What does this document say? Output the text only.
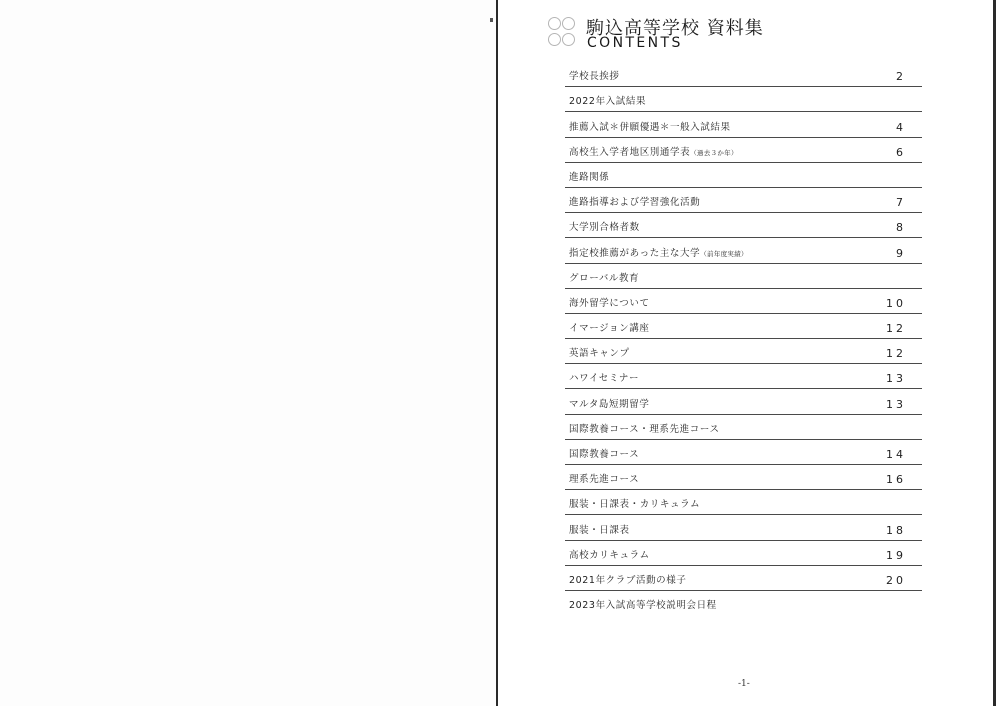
駒込高等学校 資料集
CONTENTS
学校長挨拶	2
2022年入試結果
推薦入試＊併願優遇＊一般入試結果	4
高校生入学者地区別通学表（過去３か年）	6
進路関係
進路指導および学習強化活動	7
大学別合格者数	8
指定校推薦があった主な大学（前年度実績）	9
グローバル教育
海外留学について	10
イマージョン講座	12
英語キャンプ	12
ハワイセミナー	13
マルタ島短期留学	13
国際教養コース・理系先進コース
国際教養コース	14
理系先進コース	16
服装・日課表・カリキュラム
服装・日課表	18
高校カリキュラム	19
2021年クラブ活動の様子	20
2023年入試高等学校説明会日程
-1-
